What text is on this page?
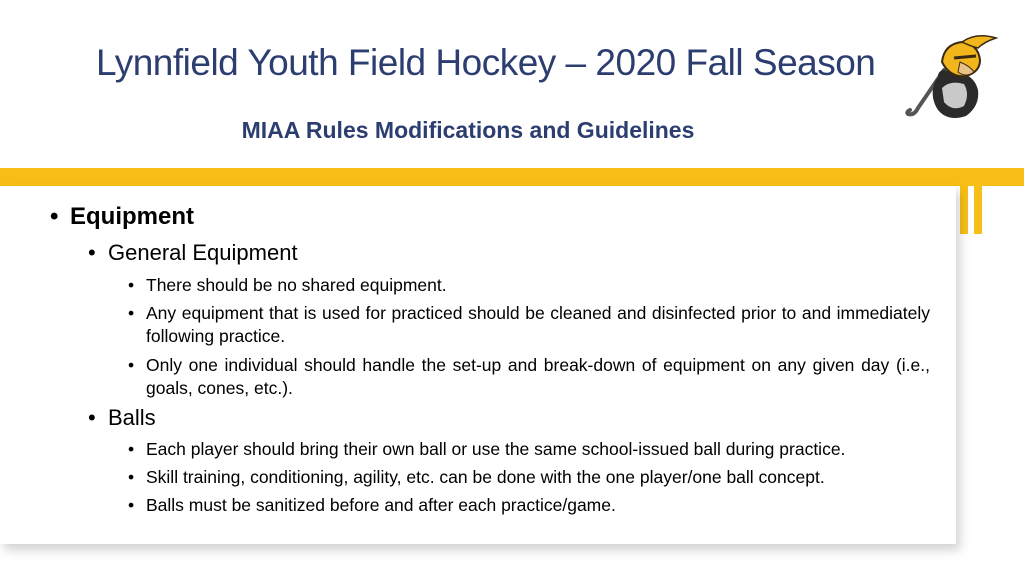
Lynnfield Youth Field Hockey – 2020 Fall Season
MIAA Rules Modifications and Guidelines
• Equipment
• General Equipment
• There should be no shared equipment.
• Any equipment that is used for practiced should be cleaned and disinfected prior to and immediately following practice.
• Only one individual should handle the set-up and break-down of equipment on any given day (i.e., goals, cones, etc.).
• Balls
• Each player should bring their own ball or use the same school-issued ball during practice.
• Skill training, conditioning, agility, etc. can be done with the one player/one ball concept.
• Balls must be sanitized before and after each practice/game.
